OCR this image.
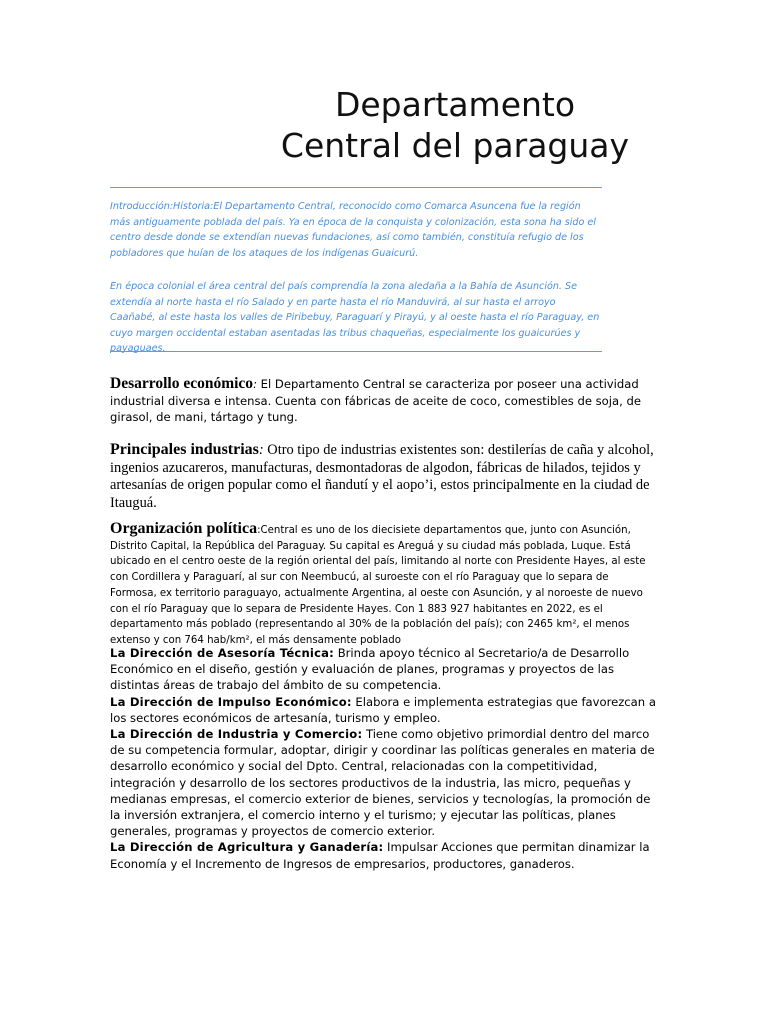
Departamento
Central del paraguay

Introducción:Historia:El Departamento Central, reconocido como Comarca Asuncena fue la región más antiguamente poblada del país. Ya en época de la conquista y colonización, esta sona ha sido el centro desde donde se extendían nuevas fundaciones, así como también, constituía refugio de los pobladores que huían de los ataques de los indígenas Guaicurú.

En época colonial el área central del país comprendía la zona aledaña a la Bahía de Asunción. Se extendía al norte hasta el río Salado y en parte hasta el río Manduvirá, al sur hasta el arroyo Caañabé, al este hasta los valles de Piribebuy, Paraguarí y Pirayú, y al oeste hasta el río Paraguay, en cuyo margen occidental estaban asentadas las tribus chaqueñas, especialmente los guaicurúes y payaguaes.

Desarrollo económico: El Departamento Central se caracteriza por poseer una actividad industrial diversa e intensa. Cuenta con fábricas de aceite de coco, comestibles de soja, de girasol, de mani, tártago y tung.

Principales industrias: Otro tipo de industrias existentes son: destilerías de caña y alcohol, ingenios azucareros, manufacturas, desmontadoras de algodon, fábricas de hilados, tejidos y artesanías de origen popular como el ñandutí y el aopo’i, estos principalmente en la ciudad de Itauguá.

Organización política:Central es uno de los diecisiete departamentos que, junto con Asunción, Distrito Capital, la República del Paraguay. Su capital es Areguá y su ciudad más poblada, Luque. Está ubicado en el centro oeste de la región oriental del país, limitando al norte con Presidente Hayes, al este con Cordillera y Paraguarí, al sur con Neembucú, al suroeste con el río Paraguay que lo separa de Formosa, ex territorio paraguayo, actualmente Argentina, al oeste con Asunción, y al noroeste de nuevo con el río Paraguay que lo separa de Presidente Hayes. Con 1 883 927 habitantes en 2022, es el departamento más poblado (representando al 30% de la población del país); con 2465 km², el menos extenso y con 764 hab/km², el más densamente poblado

La Dirección de Asesoría Técnica: Brinda apoyo técnico al Secretario/a de Desarrollo Económico en el diseño, gestión y evaluación de planes, programas y proyectos de las distintas áreas de trabajo del ámbito de su competencia.
La Dirección de Impulso Económico: Elabora e implementa estrategias que favorezcan a los sectores económicos de artesanía, turismo y empleo.
La Dirección de Industria y Comercio: Tiene como objetivo primordial dentro del marco de su competencia formular, adoptar, dirigir y coordinar las políticas generales en materia de desarrollo económico y social del Dpto. Central, relacionadas con la competitividad, integración y desarrollo de los sectores productivos de la industria, las micro, pequeñas y medianas empresas, el comercio exterior de bienes, servicios y tecnologías, la promoción de la inversión extranjera, el comercio interno y el turismo; y ejecutar las políticas, planes generales, programas y proyectos de comercio exterior.
La Dirección de Agricultura y Ganadería: Impulsar Acciones que permitan dinamizar la Economía y el Incremento de Ingresos de empresarios, productores, ganaderos.
